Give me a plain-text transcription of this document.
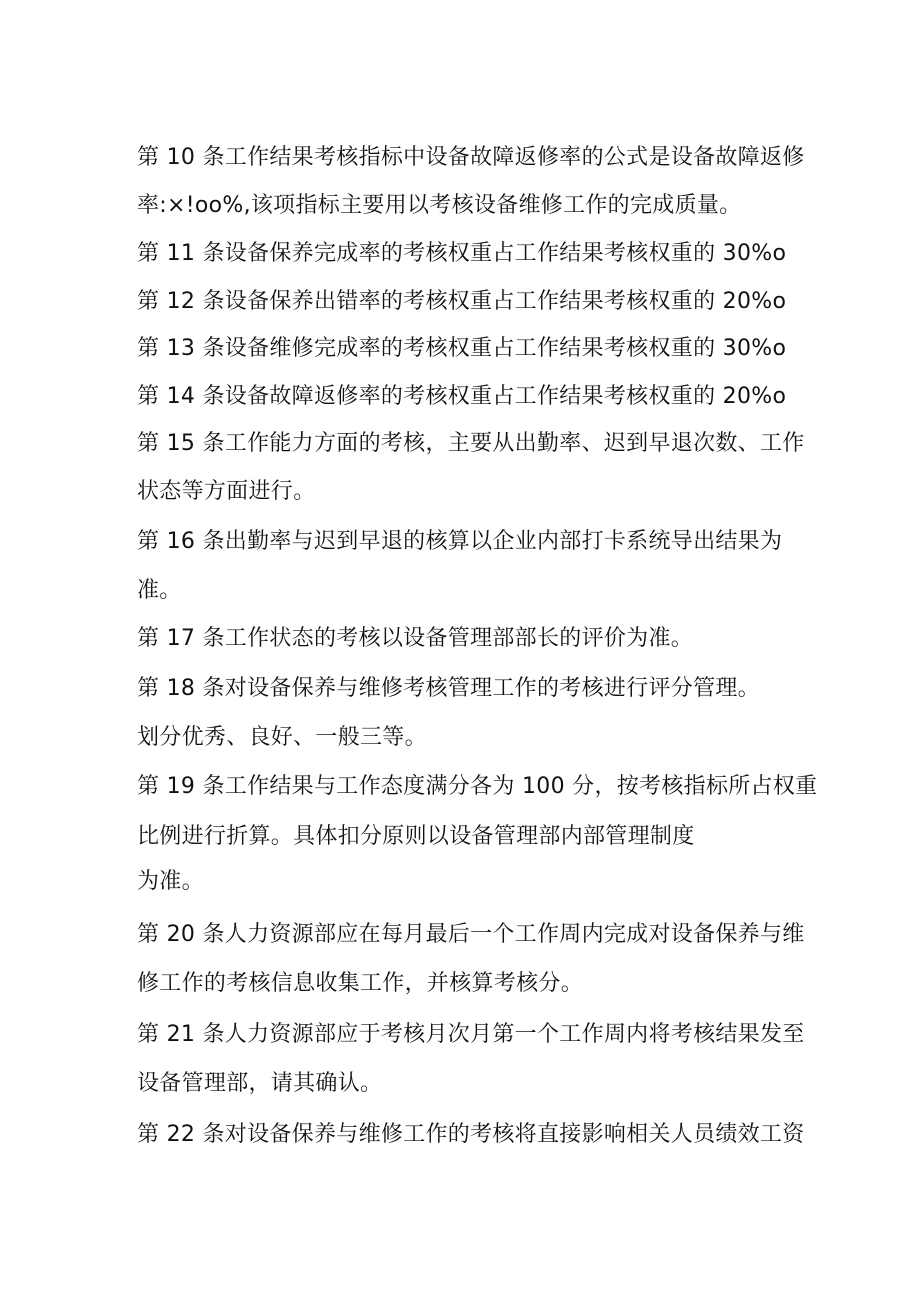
第 10 条工作结果考核指标中设备故障返修率的公式是设备故障返修
率:×!oo%,该项指标主要用以考核设备维修工作的完成质量。
第 11 条设备保养完成率的考核权重占工作结果考核权重的 30%o
第 12 条设备保养出错率的考核权重占工作结果考核权重的 20%o
第 13 条设备维修完成率的考核权重占工作结果考核权重的 30%o
第 14 条设备故障返修率的考核权重占工作结果考核权重的 20%o
第 15 条工作能力方面的考核，主要从出勤率、迟到早退次数、工作
状态等方面进行。
第 16 条出勤率与迟到早退的核算以企业内部打卡系统导出结果为
准。
第 17 条工作状态的考核以设备管理部部长的评价为准。
第 18 条对设备保养与维修考核管理工作的考核进行评分管理。
划分优秀、良好、一般三等。
第 19 条工作结果与工作态度满分各为 100 分，按考核指标所占权重
比例进行折算。具体扣分原则以设备管理部内部管理制度
为准。
第 20 条人力资源部应在每月最后一个工作周内完成对设备保养与维
修工作的考核信息收集工作，并核算考核分。
第 21 条人力资源部应于考核月次月第一个工作周内将考核结果发至
设备管理部，请其确认。
第 22 条对设备保养与维修工作的考核将直接影响相关人员绩效工资
